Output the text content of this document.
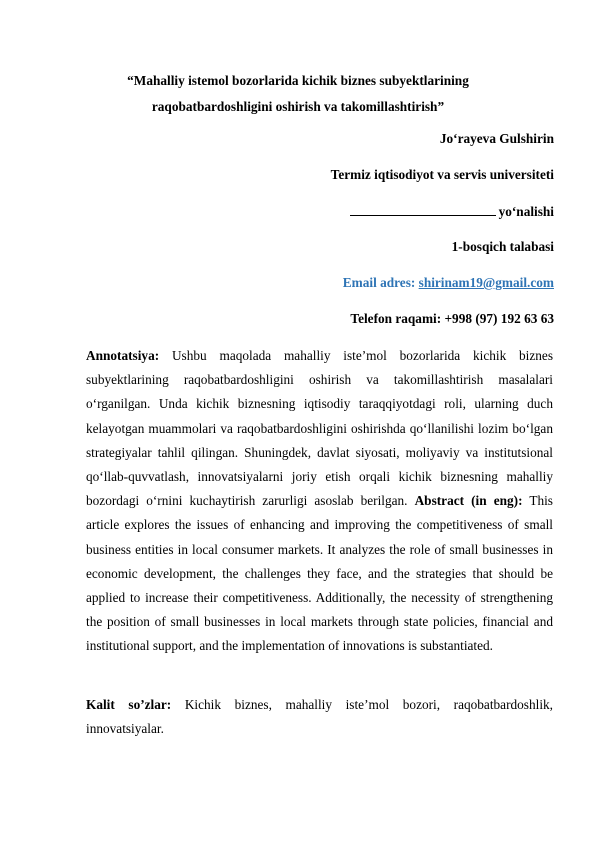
“Mahalliy istemol bozorlarida kichik biznes subyektlarining
raqobatbardoshligini oshirish va takomillashtirish”
Jo‘rayeva Gulshirin
Termiz iqtisodiyot va servis universiteti
yo‘nalishi
1-bosqich talabasi
Email adres: shirinam19@gmail.com
Telefon raqami: +998 (97) 192 63 63
Annotatsiya: Ushbu maqolada mahalliy iste’mol bozorlarida kichik biznes subyektlarining raqobatbardoshligini oshirish va takomillashtirish masalalari o‘rganilgan. Unda kichik biznesning iqtisodiy taraqqiyotdagi roli, ularning duch kelayotgan muammolari va raqobatbardoshligini oshirishda qo‘llanilishi lozim bo‘lgan strategiyalar tahlil qilingan. Shuningdek, davlat siyosati, moliyaviy va institutsional qo‘llab-quvvatlash, innovatsiyalarni joriy etish orqali kichik biznesning mahalliy bozordagi o‘rnini kuchaytirish zarurligi asoslab berilgan. Abstract (in eng): This article explores the issues of enhancing and improving the competitiveness of small business entities in local consumer markets. It analyzes the role of small businesses in economic development, the challenges they face, and the strategies that should be applied to increase their competitiveness. Additionally, the necessity of strengthening the position of small businesses in local markets through state policies, financial and institutional support, and the implementation of innovations is substantiated.
Kalit so’zlar: Kichik biznes, mahalliy iste’mol bozori, raqobatbardoshlik, innovatsiyalar.
